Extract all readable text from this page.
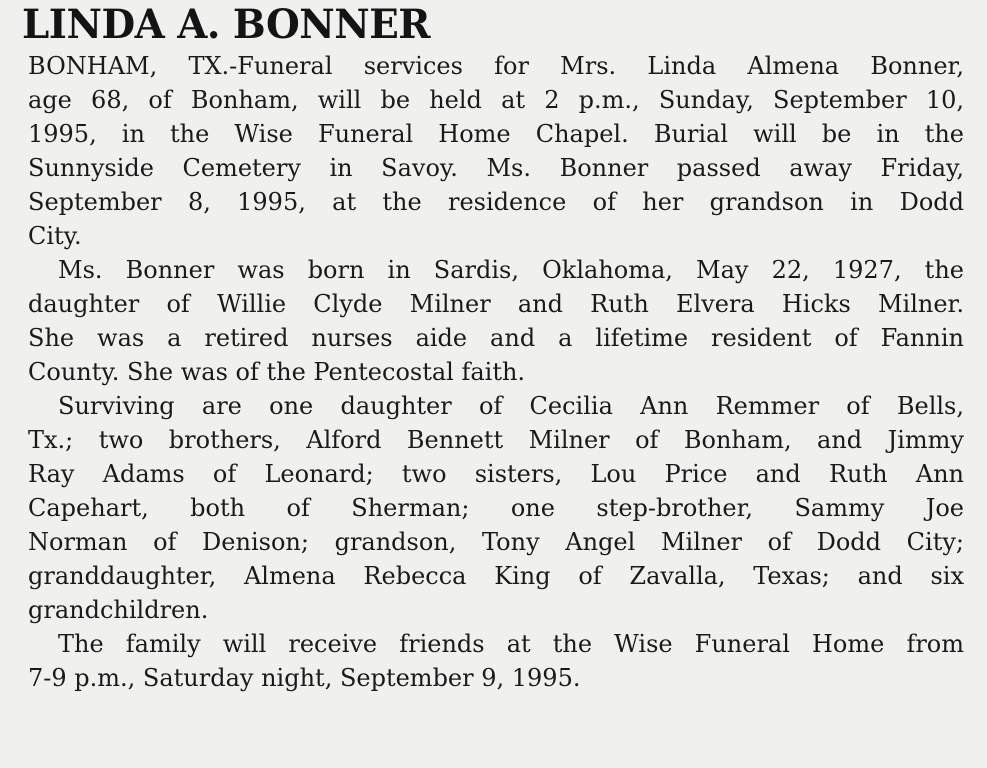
LINDA A. BONNER
BONHAM, TX.-Funeral services for Mrs. Linda Almena Bonner,
age 68, of Bonham, will be held at 2 p.m., Sunday, September 10,
1995, in the Wise Funeral Home Chapel. Burial will be in the
Sunnyside Cemetery in Savoy. Ms. Bonner passed away Friday,
September 8, 1995, at the residence of her grandson in Dodd
City.
Ms. Bonner was born in Sardis, Oklahoma, May 22, 1927, the
daughter of Willie Clyde Milner and Ruth Elvera Hicks Milner.
She was a retired nurses aide and a lifetime resident of Fannin
County. She was of the Pentecostal faith.
Surviving are one daughter of Cecilia Ann Remmer of Bells,
Tx.; two brothers, Alford Bennett Milner of Bonham, and Jimmy
Ray Adams of Leonard; two sisters, Lou Price and Ruth Ann
Capehart, both of Sherman; one step-brother, Sammy Joe
Norman of Denison; grandson, Tony Angel Milner of Dodd City;
granddaughter, Almena Rebecca King of Zavalla, Texas; and six
grandchildren.
The family will receive friends at the Wise Funeral Home from
7-9 p.m., Saturday night, September 9, 1995.
